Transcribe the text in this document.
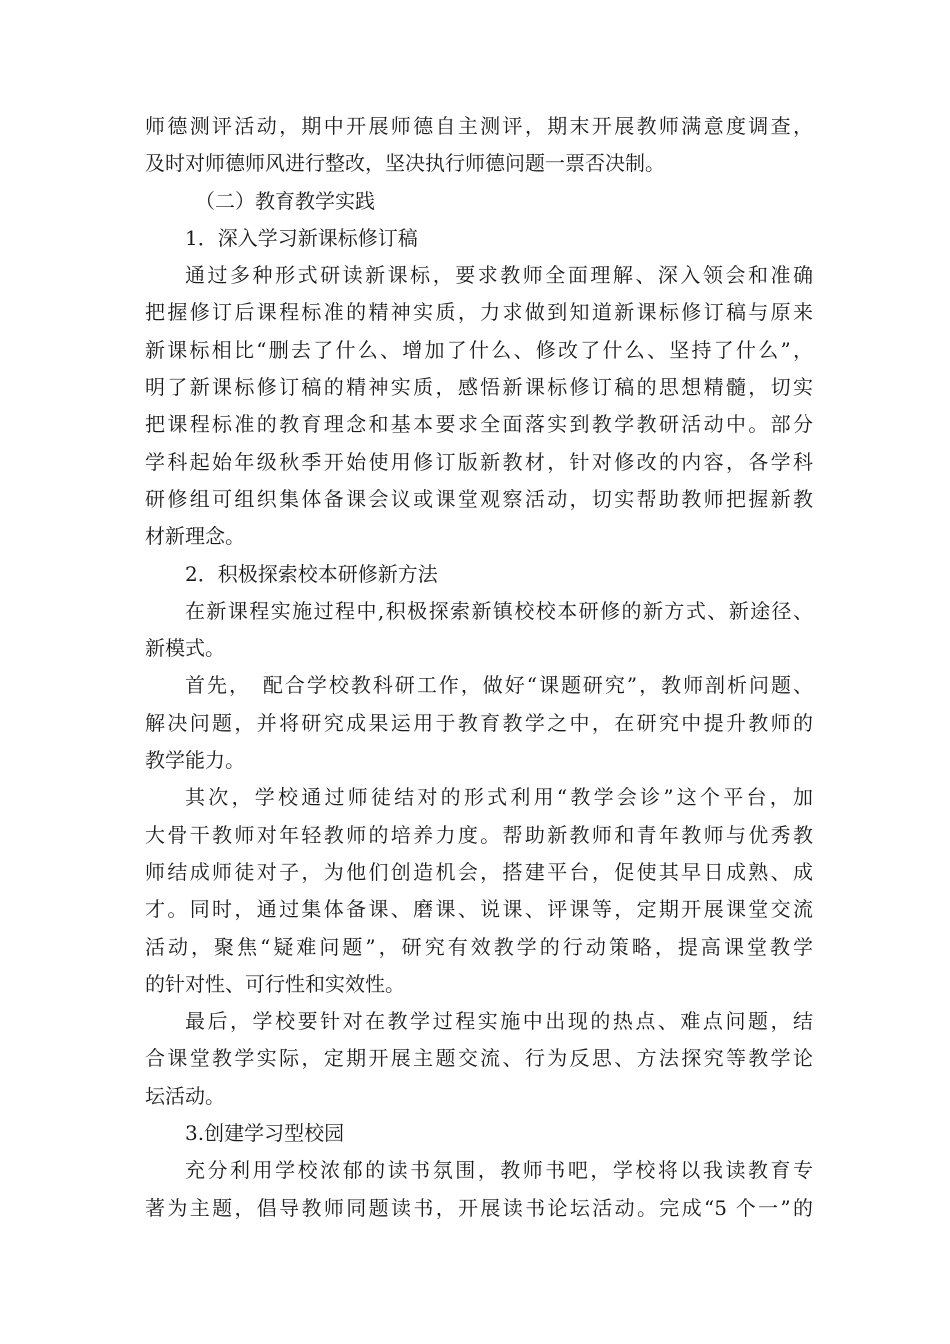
师德测评活动，期中开展师德自主测评，期末开展教师满意度调查，
及时对师德师风进行整改，坚决执行师德问题一票否决制。
（二）教育教学实践
1．深入学习新课标修订稿
通过多种形式研读新课标，要求教师全面理解、深入领会和准确
把握修订后课程标准的精神实质，力求做到知道新课标修订稿与原来
新课标相比“删去了什么、增加了什么、修改了什么、坚持了什么”，
明了新课标修订稿的精神实质，感悟新课标修订稿的思想精髓，切实
把课程标准的教育理念和基本要求全面落实到教学教研活动中。部分
学科起始年级秋季开始使用修订版新教材，针对修改的内容，各学科
研修组可组织集体备课会议或课堂观察活动，切实帮助教师把握新教
材新理念。
2．积极探索校本研修新方法
在新课程实施过程中,积极探索新镇校校本研修的新方式、新途径、
新模式。
首先，　配合学校教科研工作，做好“课题研究”，教师剖析问题、
解决问题，并将研究成果运用于教育教学之中，在研究中提升教师的
教学能力。
其次，学校通过师徒结对的形式利用“教学会诊”这个平台，加
大骨干教师对年轻教师的培养力度。帮助新教师和青年教师与优秀教
师结成师徒对子，为他们创造机会，搭建平台，促使其早日成熟、成
才。同时，通过集体备课、磨课、说课、评课等，定期开展课堂交流
活动，聚焦“疑难问题”，研究有效教学的行动策略，提高课堂教学
的针对性、可行性和实效性。
最后，学校要针对在教学过程实施中出现的热点、难点问题，结
合课堂教学实际，定期开展主题交流、行为反思、方法探究等教学论
坛活动。
3.创建学习型校园
充分利用学校浓郁的读书氛围，教师书吧，学校将以我读教育专
著为主题，倡导教师同题读书，开展读书论坛活动。完成“5 个一”的
